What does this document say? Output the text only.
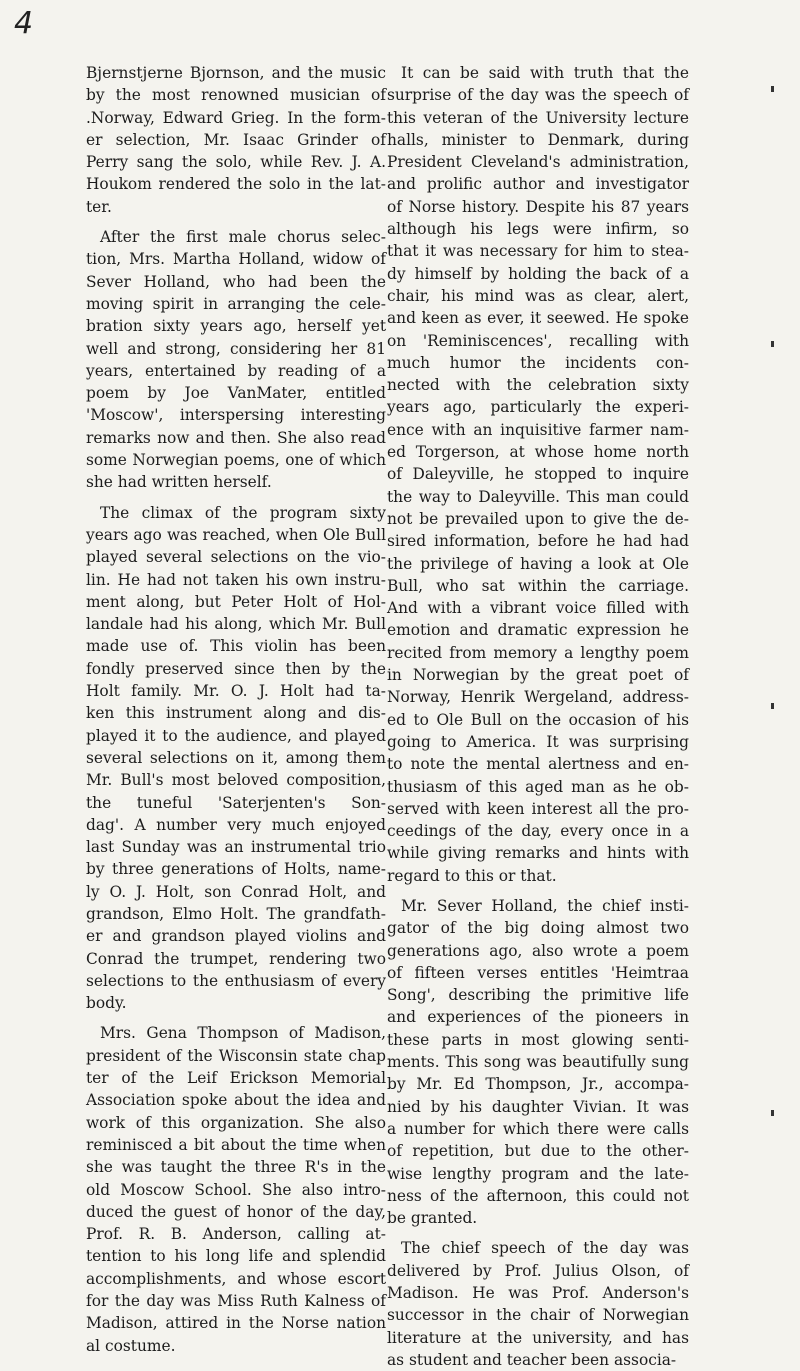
4
Bjernstjerne Bjornson, and the music
by the most renowned musician of
.Norway, Edward Grieg. In the form-
er selection, Mr. Isaac Grinder of
Perry sang the solo, while Rev. J. A.
Houkom rendered the solo in the lat-
ter.
After the first male chorus selec-
tion, Mrs. Martha Holland, widow of
Sever Holland, who had been the
moving spirit in arranging the cele-
bration sixty years ago, herself yet
well and strong, considering her 81
years, entertained by reading of a
poem by Joe VanMater, entitled
'Moscow', interspersing interesting
remarks now and then. She also read
some Norwegian poems, one of which
she had written herself.
The climax of the program sixty
years ago was reached, when Ole Bull
played several selections on the vio-
lin. He had not taken his own instru-
ment along, but Peter Holt of Hol-
landale had his along, which Mr. Bull
made use of. This violin has been
fondly preserved since then by the
Holt family. Mr. O. J. Holt had ta-
ken this instrument along and dis-
played it to the audience, and played
several selections on it, among them
Mr. Bull's most beloved composition,
the tuneful 'Saterjenten's Son-
dag'. A number very much enjoyed
last Sunday was an instrumental trio
by three generations of Holts, name-
ly O. J. Holt, son Conrad Holt, and
grandson, Elmo Holt. The grandfath-
er and grandson played violins and
Conrad the trumpet, rendering two
selections to the enthusiasm of every
body.
Mrs. Gena Thompson of Madison,
president of the Wisconsin state chap
ter of the Leif Erickson Memorial
Association spoke about the idea and
work of this organization. She also
reminisced a bit about the time when
she was taught the three R's in the
old Moscow School. She also intro-
duced the guest of honor of the day,
Prof. R. B. Anderson, calling at-
tention to his long life and splendid
accomplishments, and whose escort
for the day was Miss Ruth Kalness of
Madison, attired in the Norse nation
al costume.
It can be said with truth that the
surprise of the day was the speech of
this veteran of the University lecture
halls, minister to Denmark, during
President Cleveland's administration,
and prolific author and investigator
of Norse history. Despite his 87 years
although his legs were infirm, so
that it was necessary for him to stea-
dy himself by holding the back of a
chair, his mind was as clear, alert,
and keen as ever, it seewed. He spoke
on 'Reminiscences', recalling with
much humor the incidents con-
nected with the celebration sixty
years ago, particularly the experi-
ence with an inquisitive farmer nam-
ed Torgerson, at whose home north
of Daleyville, he stopped to inquire
the way to Daleyville. This man could
not be prevailed upon to give the de-
sired information, before he had had
the privilege of having a look at Ole
Bull, who sat within the carriage.
And with a vibrant voice filled with
emotion and dramatic expression he
recited from memory a lengthy poem
in Norwegian by the great poet of
Norway, Henrik Wergeland, address-
ed to Ole Bull on the occasion of his
going to America. It was surprising
to note the mental alertness and en-
thusiasm of this aged man as he ob-
served with keen interest all the pro-
ceedings of the day, every once in a
while giving remarks and hints with
regard to this or that.
Mr. Sever Holland, the chief insti-
gator of the big doing almost two
generations ago, also wrote a poem
of fifteen verses entitles 'Heimtraa
Song', describing the primitive life
and experiences of the pioneers in
these parts in most glowing senti-
ments. This song was beautifully sung
by Mr. Ed Thompson, Jr., accompa-
nied by his daughter Vivian. It was
a number for which there were calls
of repetition, but due to the other-
wise lengthy program and the late-
ness of the afternoon, this could not
be granted.
The chief speech of the day was
delivered by Prof. Julius Olson, of
Madison. He was Prof. Anderson's
successor in the chair of Norwegian
literature at the university, and has
as student and teacher been associa-
